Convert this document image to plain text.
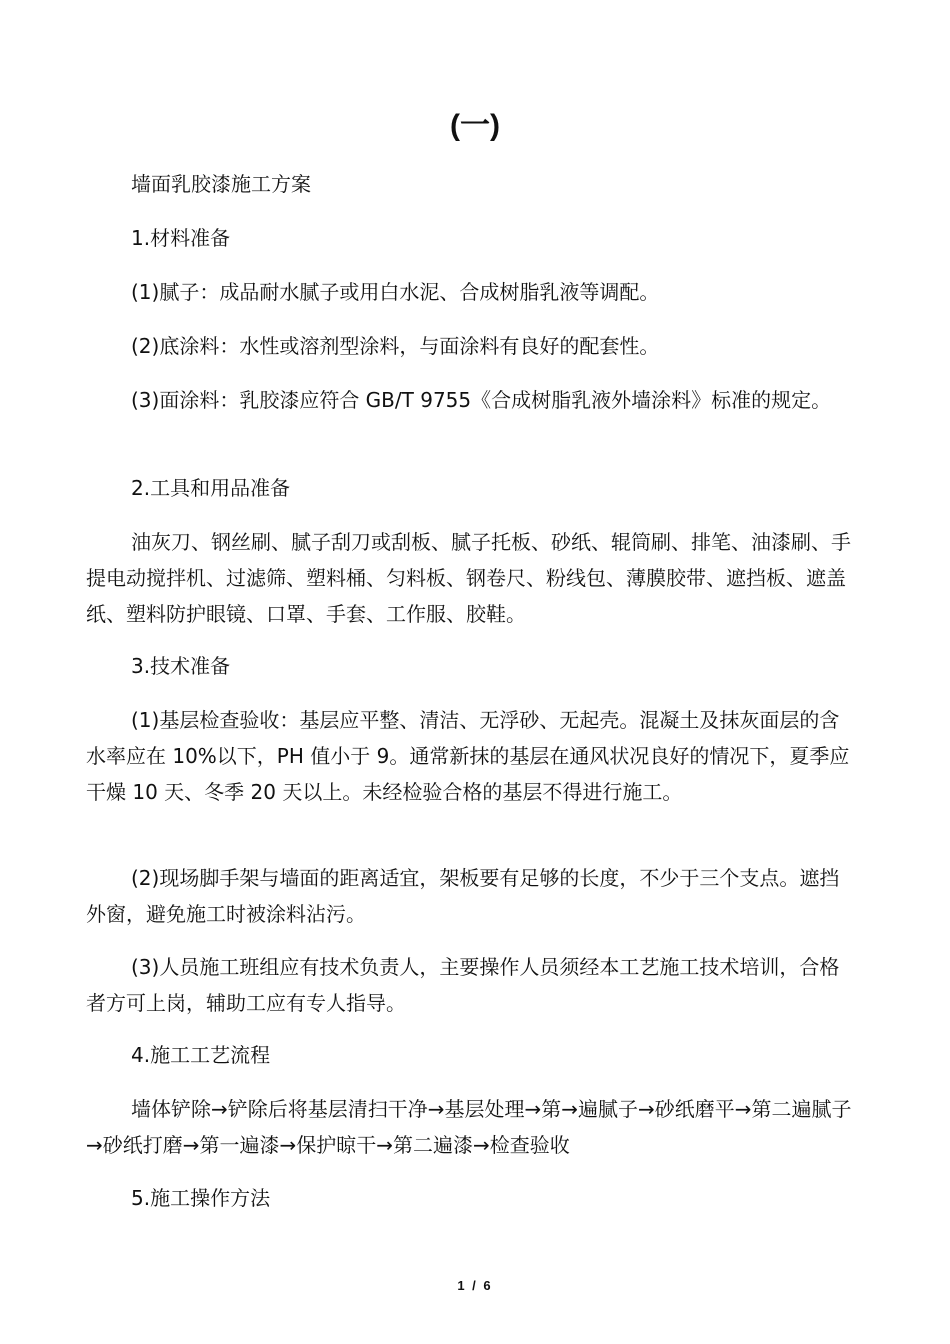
(一)

墙面乳胶漆施工方案

1.材料准备

(1)腻子：成品耐水腻子或用白水泥、合成树脂乳液等调配。

(2)底涂料：水性或溶剂型涂料，与面涂料有良好的配套性。

(3)面涂料：乳胶漆应符合 GB/T 9755《合成树脂乳液外墙涂料》标准的规定。

2.工具和用品准备

油灰刀、钢丝刷、腻子刮刀或刮板、腻子托板、砂纸、辊筒刷、排笔、油漆刷、手提电动搅拌机、过滤筛、塑料桶、匀料板、钢卷尺、粉线包、薄膜胶带、遮挡板、遮盖纸、塑料防护眼镜、口罩、手套、工作服、胶鞋。

3.技术准备

(1)基层检查验收：基层应平整、清洁、无浮砂、无起壳。混凝土及抹灰面层的含水率应在 10%以下，PH 值小于 9。通常新抹的基层在通风状况良好的情况下，夏季应干燥 10 天、冬季 20 天以上。未经检验合格的基层不得进行施工。

(2)现场脚手架与墙面的距离适宜，架板要有足够的长度，不少于三个支点。遮挡外窗，避免施工时被涂料沾污。

(3)人员施工班组应有技术负责人，主要操作人员须经本工艺施工技术培训，合格者方可上岗，辅助工应有专人指导。

4.施工工艺流程

墙体铲除→铲除后将基层清扫干净→基层处理→第→遍腻子→砂纸磨平→第二遍腻子→砂纸打磨→第一遍漆→保护晾干→第二遍漆→检查验收

5.施工操作方法

1 / 6
